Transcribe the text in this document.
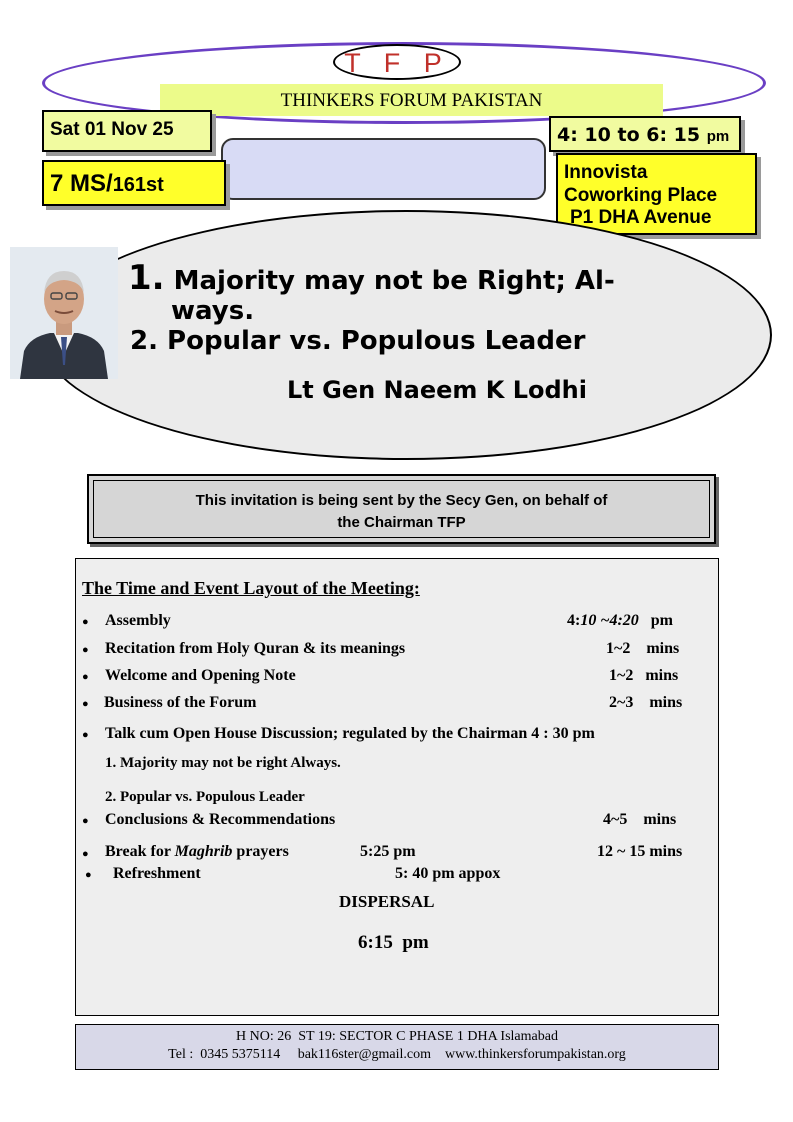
THINKERS FORUM PAKISTAN
T F P
Sat 01 Nov 25	4: 10 to 6: 15 pm
7 MS/161st
Innovista
Coworking Place
P1 DHA Avenue
1. Majority may not be Right; Al-
ways.
2. Popular vs. Populous Leader
Lt Gen Naeem K Lodhi
This invitation is being sent by the Secy Gen, on behalf of
the Chairman TFP
The Time and Event Layout of the Meeting:
● Assembly	4:10 ~4:20   pm
● Recitation from Holy Quran & its meanings	1~2    mins
● Welcome and Opening Note	1~2   mins
● Business of the Forum	2~3    mins
● Talk cum Open House Discussion; regulated by the Chairman 4 : 30 pm
1. Majority may not be right Always.
2. Popular vs. Populous Leader
● Conclusions & Recommendations	4~5    mins
● Break for Maghrib prayers	5:25 pm	12 ~ 15 mins
● Refreshment	5: 40 pm appox
DISPERSAL
6:15  pm
H NO: 26  ST 19: SECTOR C PHASE 1 DHA Islamabad
Tel :  0345 5375114     bak116ster@gmail.com    www.thinkersforumpakistan.org
